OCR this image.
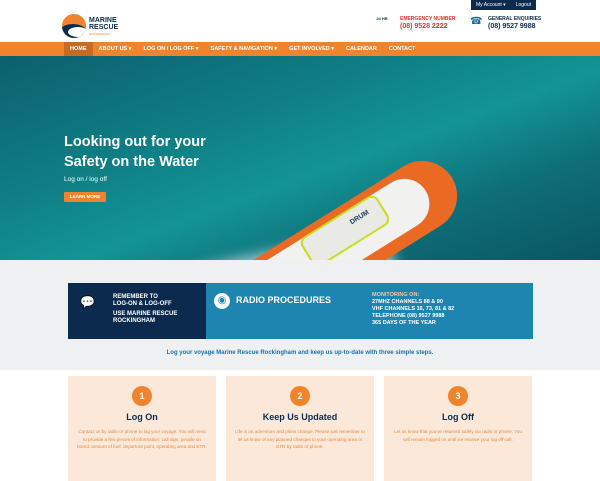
My Account ▾	Logout
MARINE
RESCUE
ROCKINGHAM
24 HR	EMERGENCY NUMBER
(08) 9528 2222 ☎ GENERAL ENQUIRIES
(08) 9527 9988
HOME	ABOUT US ▾	LOG ON / LOG OFF ▾	SAFETY & NAVIGATION ▾	GET INVOLVED ▾	CALENDAR	CONTACT
DRUM
Looking out for your
Safety on the Water
Log on / log off
LEARN MORE
💬	REMEMBER TO
LOG-ON & LOG-OFF
USE MARINE RESCUE
ROCKINGHAM
◉	RADIO PROCEDURES	MONITORING ON:
27MHZ CHANNELS 88 & 90
VHF CHANNELS 16, 73, 81 & 82
TELEPHONE (08) 9527 9988
365 DAYS OF THE YEAR
Log your voyage Marine Rescue Rockingham and keep us up-to-date with three simple steps.
1
Log On
Contact us by radio or phone to log your voyage. You will need to provide a few pieces of information: call sign, people on board, amount of fuel, departure point, operating area and ETR.
2
Keep Us Updated
Life is an adventure and plans change. Please just remember to let us know of any planned changes to your operating area or ETR by radio or phone.
3
Log Off
Let us know that you've returned safely via radio or phone. You will remain logged on until we receive your log off call.
